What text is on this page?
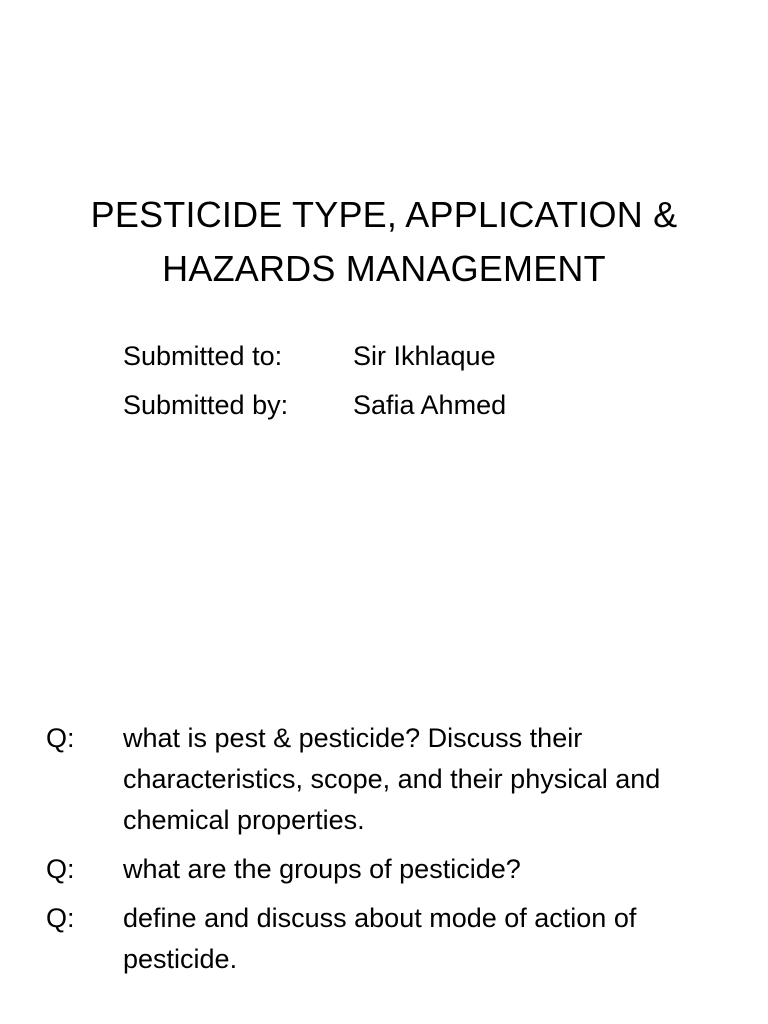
PESTICIDE TYPE, APPLICATION &
HAZARDS MANAGEMENT
Submitted to:	Sir Ikhlaque
Submitted by:	Safia Ahmed
Q:	what is pest & pesticide? Discuss their characteristics, scope, and their physical and chemical properties.
Q:	what are the groups of pesticide?
Q:	define and discuss about mode of action of pesticide.
